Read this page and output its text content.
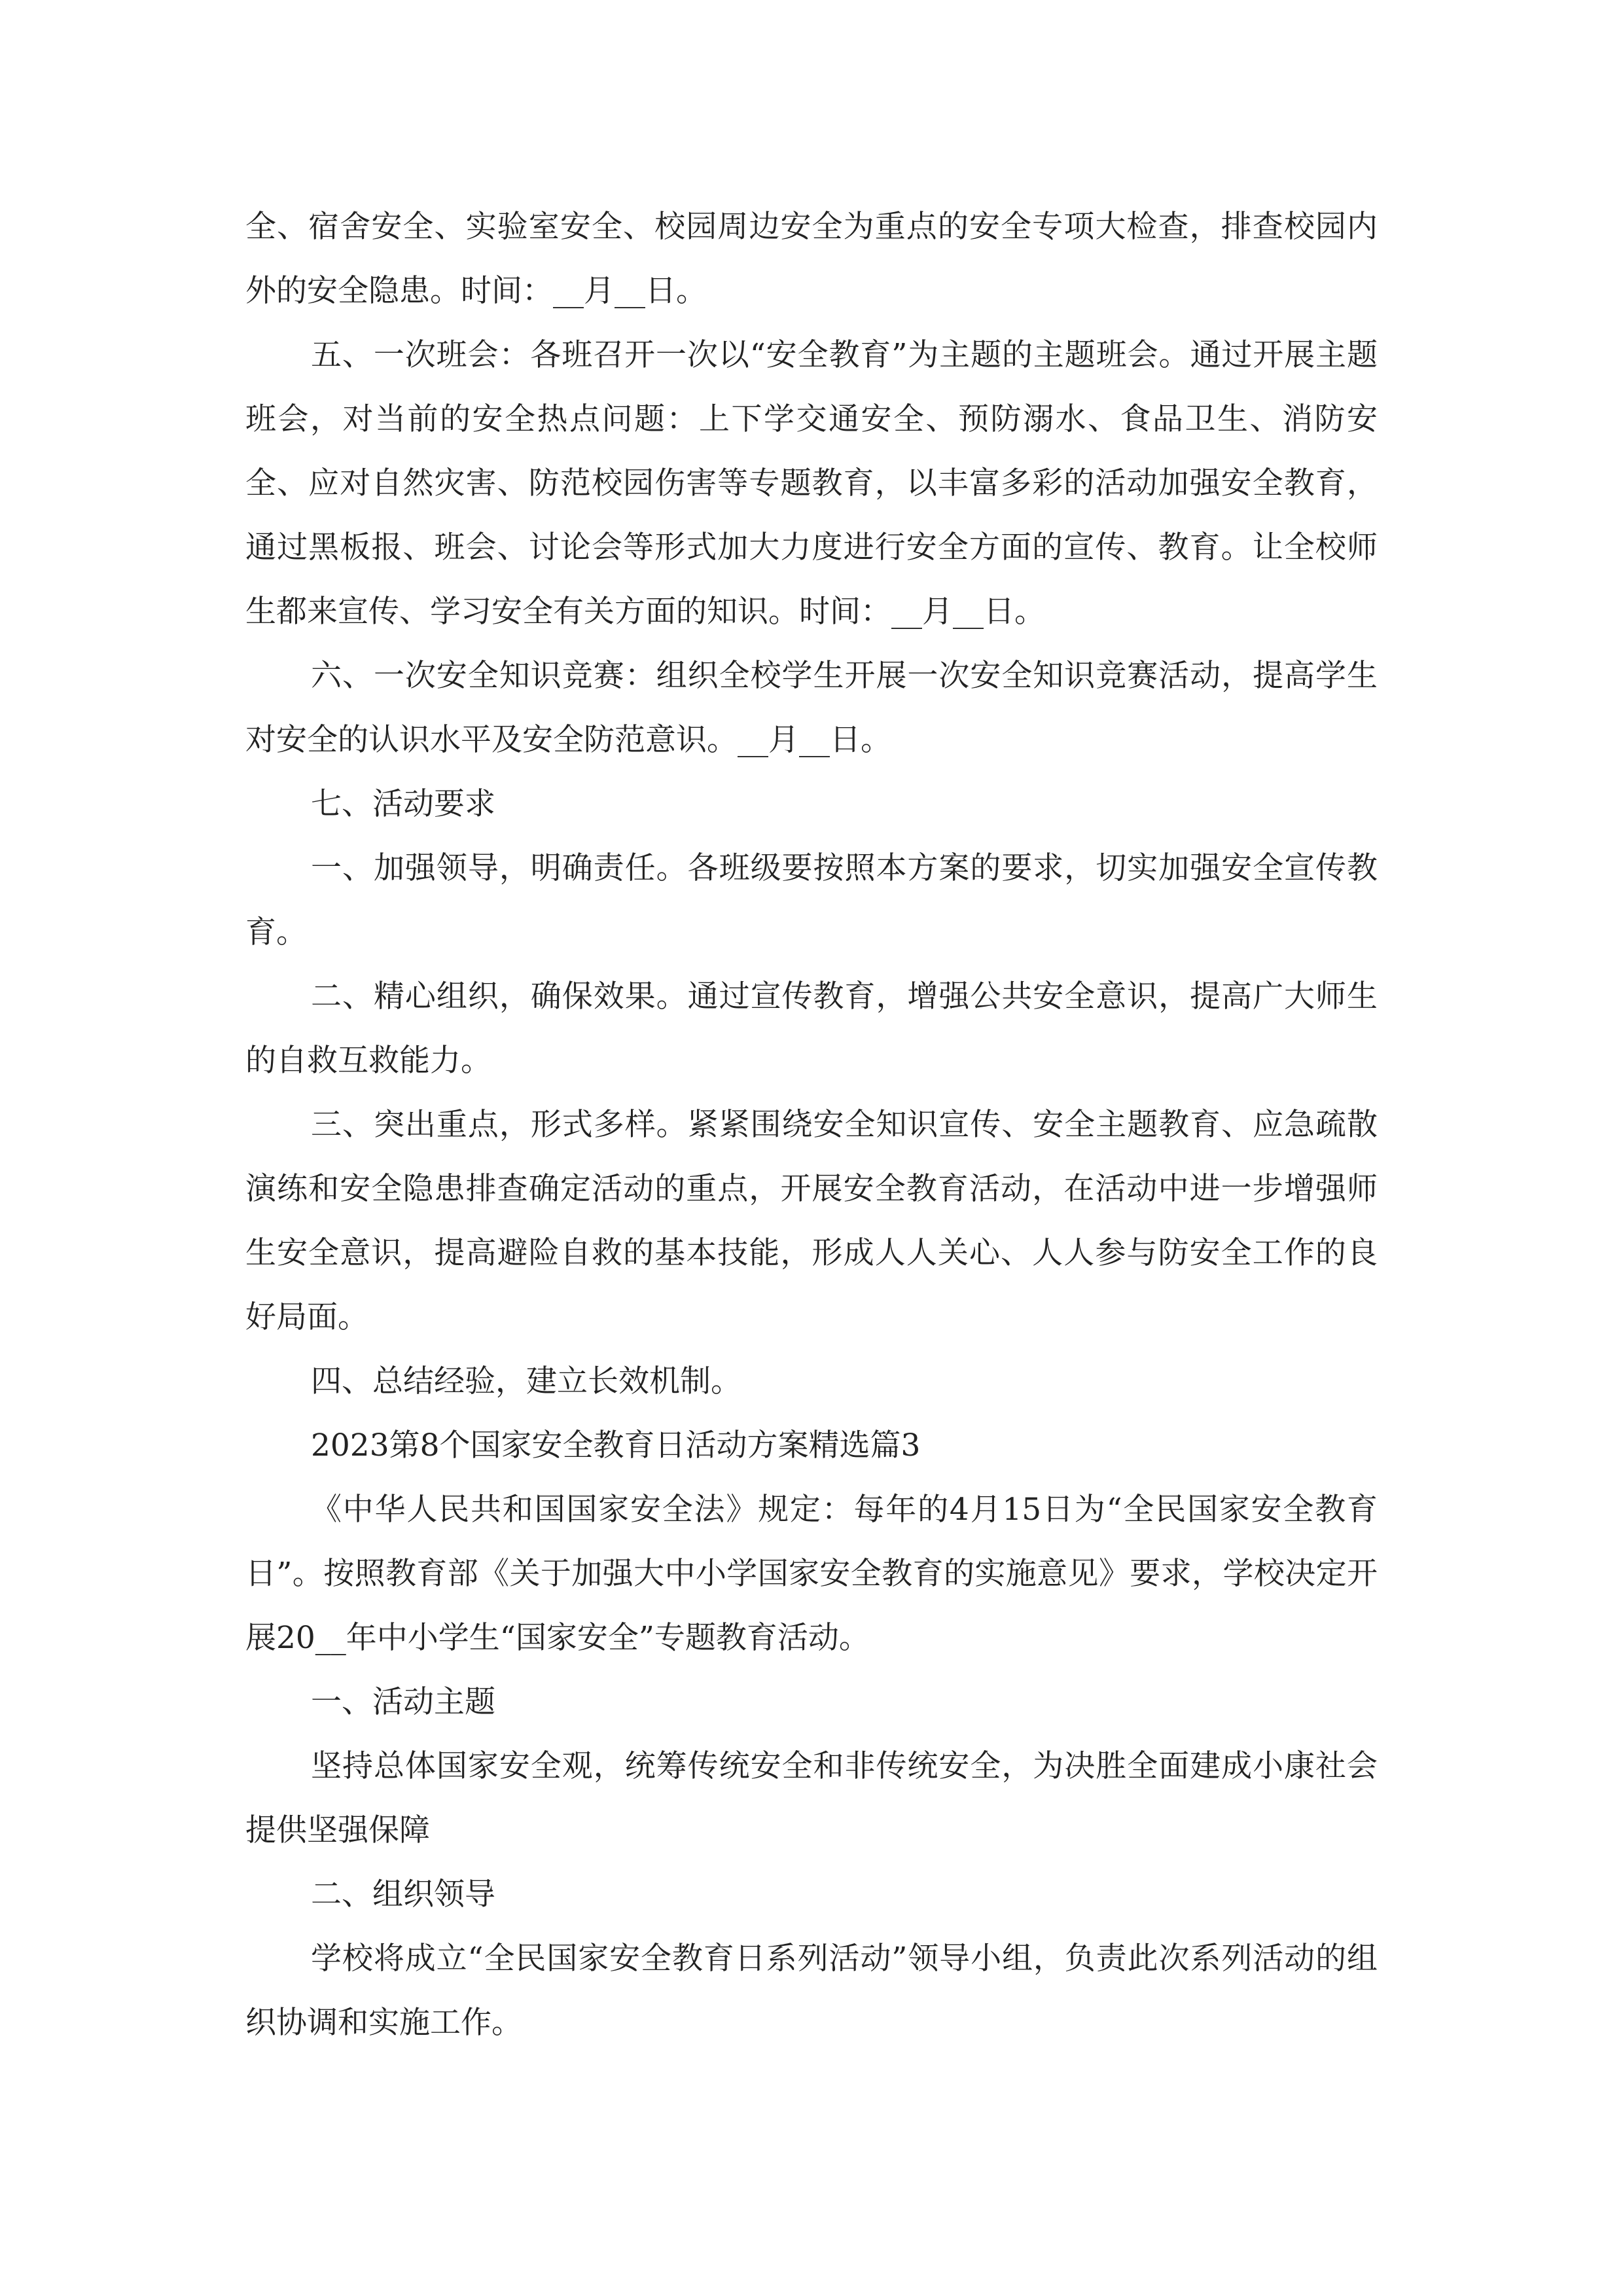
全、宿舍安全、实验室安全、校园周边安全为重点的安全专项大检查，排查校园内外的安全隐患。时间：__月__日。

五、一次班会：各班召开一次以“安全教育”为主题的主题班会。通过开展主题班会，对当前的安全热点问题：上下学交通安全、预防溺水、食品卫生、消防安全、应对自然灾害、防范校园伤害等专题教育，以丰富多彩的活动加强安全教育，通过黑板报、班会、讨论会等形式加大力度进行安全方面的宣传、教育。让全校师生都来宣传、学习安全有关方面的知识。时间：__月__日。

六、一次安全知识竞赛：组织全校学生开展一次安全知识竞赛活动，提高学生对安全的认识水平及安全防范意识。__月__日。

七、活动要求

一、加强领导，明确责任。各班级要按照本方案的要求，切实加强安全宣传教育。

二、精心组织，确保效果。通过宣传教育，增强公共安全意识，提高广大师生的自救互救能力。

三、突出重点，形式多样。紧紧围绕安全知识宣传、安全主题教育、应急疏散演练和安全隐患排查确定活动的重点，开展安全教育活动，在活动中进一步增强师生安全意识，提高避险自救的基本技能，形成人人关心、人人参与防安全工作的良好局面。

四、总结经验，建立长效机制。

2023第8个国家安全教育日活动方案精选篇3

《中华人民共和国国家安全法》规定：每年的4月15日为“全民国家安全教育日”。按照教育部《关于加强大中小学国家安全教育的实施意见》要求，学校决定开展20__年中小学生“国家安全”专题教育活动。

一、活动主题

坚持总体国家安全观，统筹传统安全和非传统安全，为决胜全面建成小康社会提供坚强保障

二、组织领导

学校将成立“全民国家安全教育日系列活动”领导小组，负责此次系列活动的组织协调和实施工作。
